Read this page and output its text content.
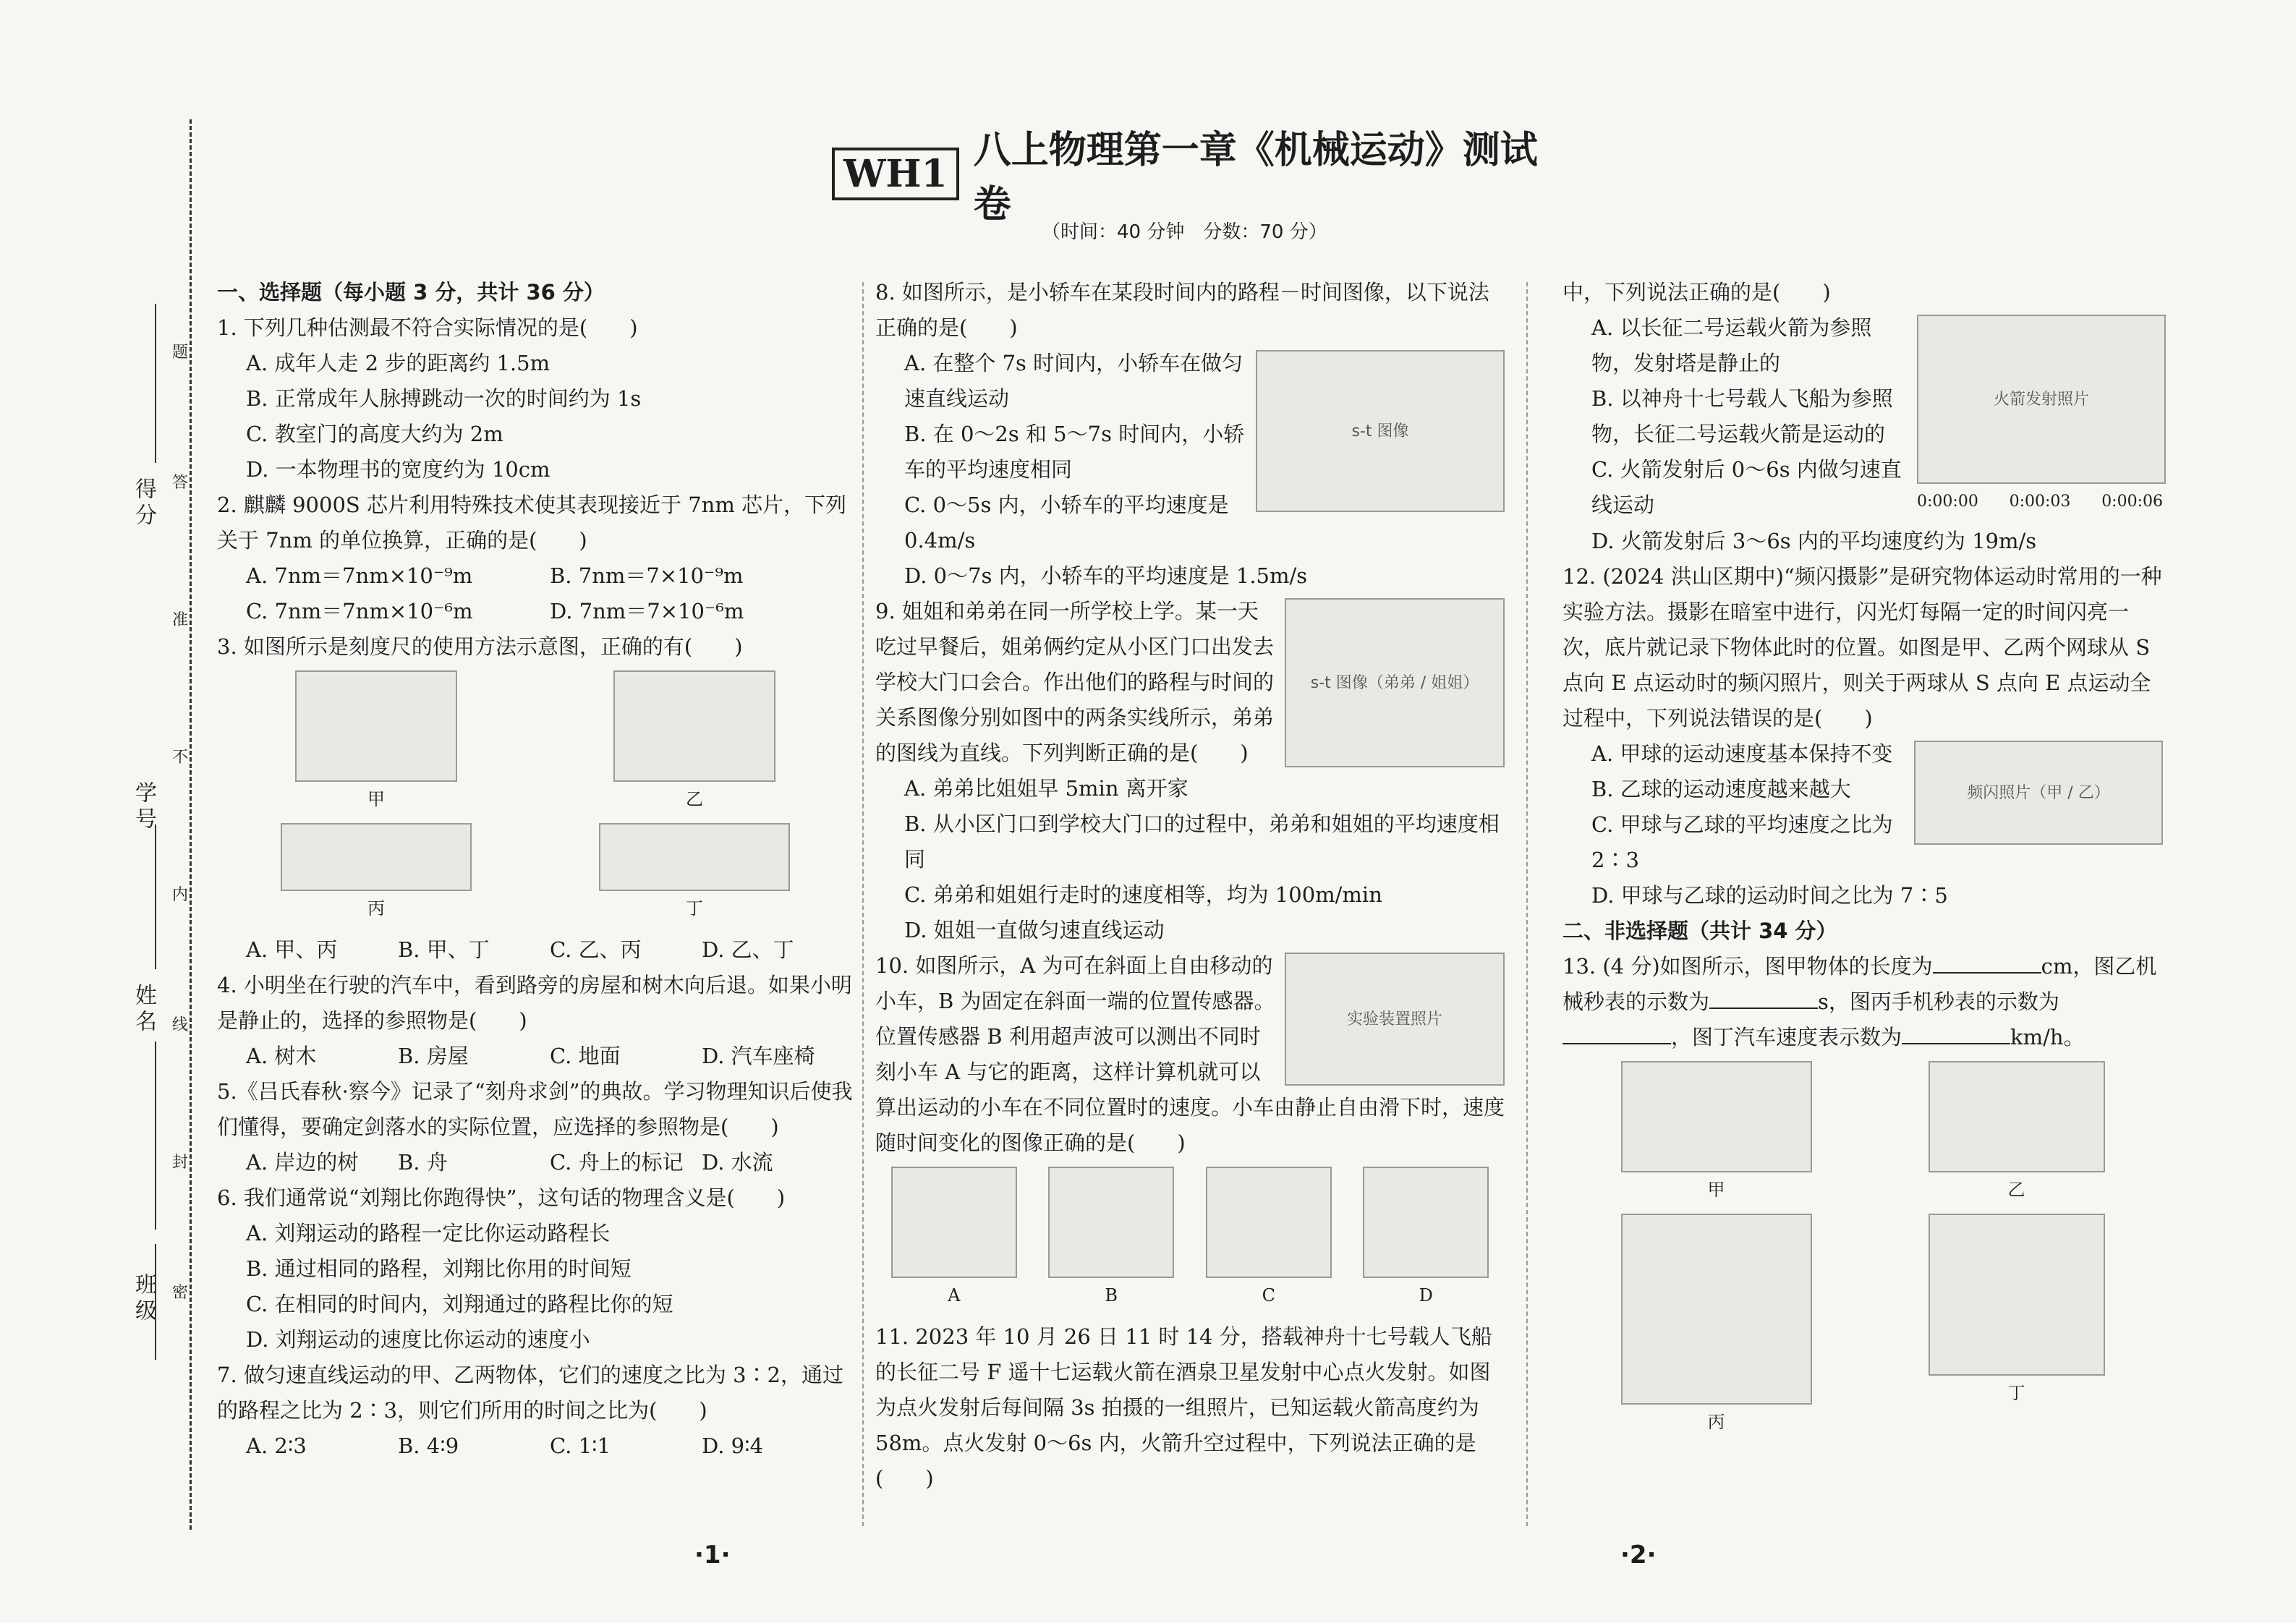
班级
姓名
学号
得分
题
答
准
不
内
线
封
密
WH1
八上物理第一章《机械运动》测试卷
（时间：40 分钟　分数：70 分）
一、选择题（每小题 3 分，共计 36 分）
1. 下列几种估测最不符合实际情况的是(　　)
A. 成年人走 2 步的距离约 1.5m
B. 正常成年人脉搏跳动一次的时间约为 1s
C. 教室门的高度大约为 2m
D. 一本物理书的宽度约为 10cm
2. 麒麟 9000S 芯片利用特殊技术使其表现接近于 7nm 芯片，下列关于 7nm 的单位换算，正确的是(　　)
A. 7nm＝7nm×10⁻⁹m	B. 7nm＝7×10⁻⁹m
C. 7nm＝7nm×10⁻⁶m	D. 7nm＝7×10⁻⁶m
3. 如图所示是刻度尺的使用方法示意图，正确的有(　　)
甲	乙
丙	丁
A. 甲、丙	B. 甲、丁	C. 乙、丙	D. 乙、丁
4. 小明坐在行驶的汽车中，看到路旁的房屋和树木向后退。如果小明是静止的，选择的参照物是(　　)
A. 树木	B. 房屋	C. 地面	D. 汽车座椅
5.《吕氏春秋·察今》记录了“刻舟求剑”的典故。学习物理知识后使我们懂得，要确定剑落水的实际位置，应选择的参照物是(　　)
A. 岸边的树	B. 舟	C. 舟上的标记 D. 水流
6. 我们通常说“刘翔比你跑得快”，这句话的物理含义是(　　)
A. 刘翔运动的路程一定比你运动路程长
B. 通过相同的路程，刘翔比你用的时间短
C. 在相同的时间内，刘翔通过的路程比你的短
D. 刘翔运动的速度比你运动的速度小
7. 做匀速直线运动的甲、乙两物体，它们的速度之比为 3∶2，通过的路程之比为 2∶3，则它们所用的时间之比为(　　)
A. 2∶3	B. 4∶9	C. 1∶1	D. 9∶4
8. 如图所示，是小轿车在某段时间内的路程－时间图像，以下说法正确的是(　　)
s-t 图像
A. 在整个 7s 时间内，小轿车在做匀速直线运动
B. 在 0～2s 和 5～7s 时间内，小轿车的平均速度相同
C. 0～5s 内，小轿车的平均速度是 0.4m/s
D. 0～7s 内，小轿车的平均速度是 1.5m/s
s-t 图像（弟弟 / 姐姐）
9. 姐姐和弟弟在同一所学校上学。某一天吃过早餐后，姐弟俩约定从小区门口出发去学校大门口会合。作出他们的路程与时间的关系图像分别如图中的两条实线所示，弟弟的图线为直线。下列判断正确的是(　　)
A. 弟弟比姐姐早 5min 离开家
B. 从小区门口到学校大门口的过程中，弟弟和姐姐的平均速度相同
C. 弟弟和姐姐行走时的速度相等，均为 100m/min
D. 姐姐一直做匀速直线运动
实验装置照片
10. 如图所示，A 为可在斜面上自由移动的小车，B 为固定在斜面一端的位置传感器。位置传感器 B 利用超声波可以测出不同时刻小车 A 与它的距离，这样计算机就可以算出运动的小车在不同位置时的速度。小车由静止自由滑下时，速度随时间变化的图像正确的是(　　)
A	B	C	D
11. 2023 年 10 月 26 日 11 时 14 分，搭载神舟十七号载人飞船的长征二号 F 遥十七运载火箭在酒泉卫星发射中心点火发射。如图为点火发射后每间隔 3s 拍摄的一组照片，已知运载火箭高度约为 58m。点火发射 0～6s 内，火箭升空过程中，下列说法正确的是(　　)
中，下列说法正确的是(　　)
火箭发射照片
0:00:00 0:00:03 0:00:06
A. 以长征二号运载火箭为参照物，发射塔是静止的
B. 以神舟十七号载人飞船为参照物，长征二号运载火箭是运动的
C. 火箭发射后 0～6s 内做匀速直线运动
D. 火箭发射后 3～6s 内的平均速度约为 19m/s
12. (2024 洪山区期中)“频闪摄影”是研究物体运动时常用的一种实验方法。摄影在暗室中进行，闪光灯每隔一定的时间闪亮一次，底片就记录下物体此时的位置。如图是甲、乙两个网球从 S 点向 E 点运动时的频闪照片，则关于两球从 S 点向 E 点运动全过程中，下列说法错误的是(　　)
频闪照片（甲 / 乙）
A. 甲球的运动速度基本保持不变
B. 乙球的运动速度越来越大
C. 甲球与乙球的平均速度之比为 2∶3
D. 甲球与乙球的运动时间之比为 7∶5
二、非选择题（共计 34 分）
13. (4 分)如图所示，图甲物体的长度为	cm，图乙机械秒表的示数为	s，图丙手机秒表的示数为，图丁汽车速度表示数为	km/h。
甲	乙
丙
丁
·1·	·2·
